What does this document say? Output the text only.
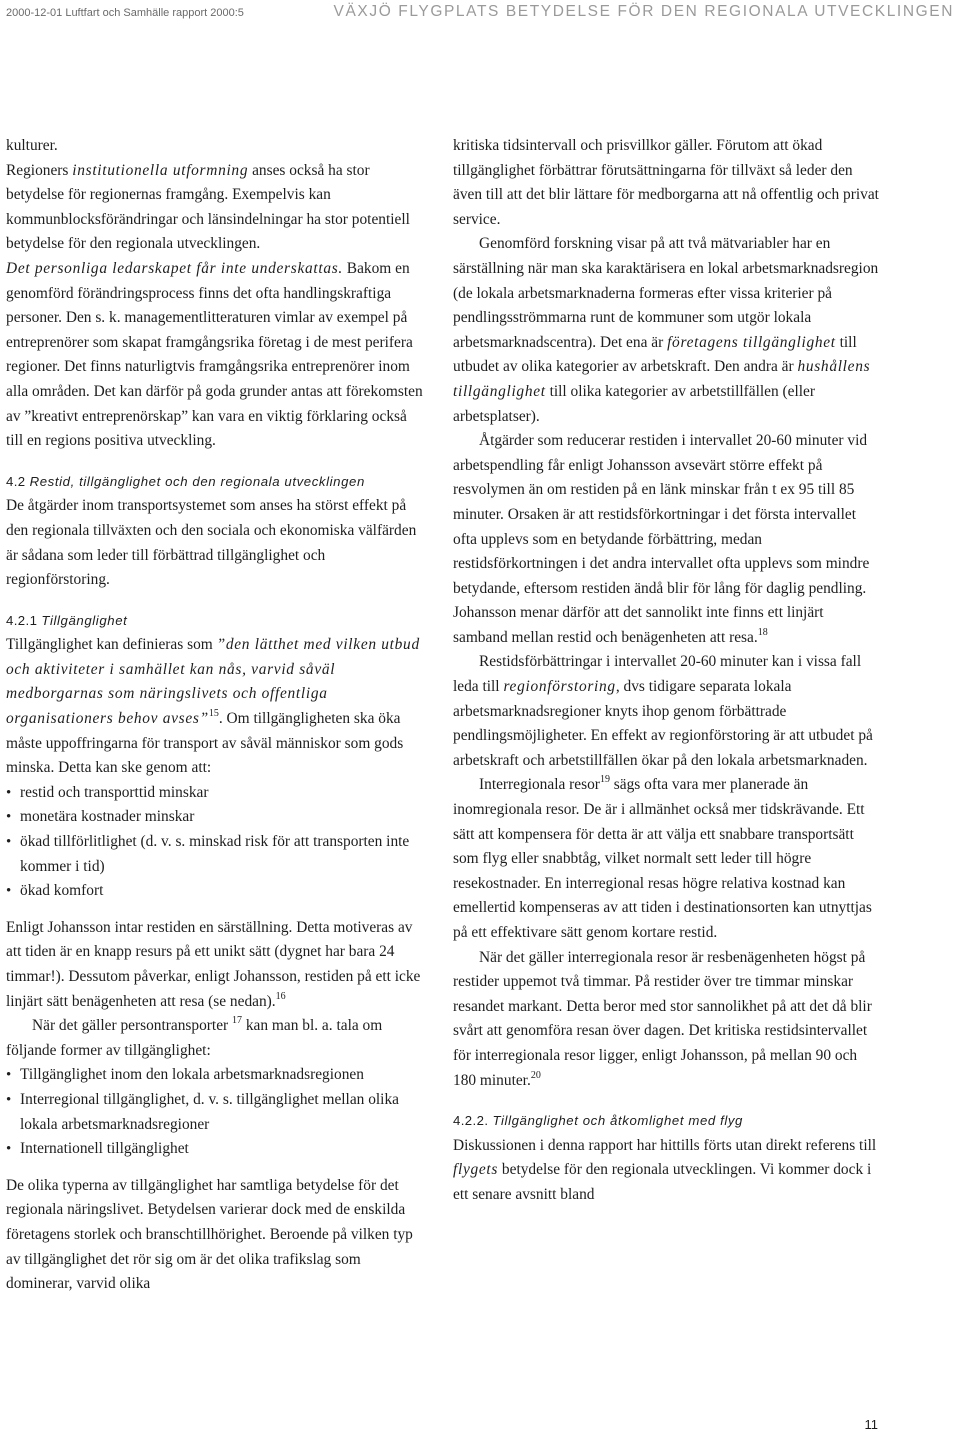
2000-12-01 Luftfart och Samhälle rapport 2000:5	VÄXJÖ FLYGPLATS BETYDELSE FÖR DEN REGIONALA UTVECKLINGEN

kulturer.

Regioners institutionella utformning anses också ha stor betydelse för regionernas framgång. Exempelvis kan kommunblocksförändringar och länsindelningar ha stor potentiell betydelse för den regionala utvecklingen.

Det personliga ledarskapet får inte underskattas. Bakom en genomförd förändringsprocess finns det ofta handlingskraftiga personer. Den s. k. managementlitteraturen vimlar av exempel på entreprenörer som skapat framgångsrika företag i de mest perifera regioner. Det finns naturligtvis framgångsrika entreprenörer inom alla områden. Det kan därför på goda grunder antas att förekomsten av ”kreativt entreprenörskap” kan vara en viktig förklaring också till en regions positiva utveckling.

4.2 Restid, tillgänglighet och den regionala utvecklingen

De åtgärder inom transportsystemet som anses ha störst effekt på den regionala tillväxten och den sociala och ekonomiska välfärden är sådana som leder till förbättrad tillgänglighet och regionförstoring.

4.2.1 Tillgänglighet

Tillgänglighet kan definieras som ”den lätthet med vilken utbud och aktiviteter i samhället kan nås, varvid såväl medborgarnas som näringslivets och offentliga organisationers behov avses”$^{15}$. Om tillgängligheten ska öka måste uppoffringarna för transport av såväl människor som gods minska. Detta kan ske genom att:

• restid och transporttid minskar
• monetära kostnader minskar
• ökad tillförlitlighet (d. v. s. minskad risk för att transporten inte kommer i tid)
• ökad komfort

Enligt Johansson intar restiden en särställning. Detta motiveras av att tiden är en knapp resurs på ett unikt sätt (dygnet har bara 24 timmar!). Dessutom påverkar, enligt Johansson, restiden på ett icke linjärt sätt benägenheten att resa (se nedan).$^{16}$

När det gäller persontransporter $^{17}$ kan man bl. a. tala om följande former av tillgänglighet:

• Tillgänglighet inom den lokala arbetsmarknadsregionen
• Interregional tillgänglighet, d. v. s. tillgänglighet mellan olika lokala arbetsmarknadsregioner
• Internationell tillgänglighet

De olika typerna av tillgänglighet har samtliga betydelse för det regionala näringslivet. Betydelsen varierar dock med de enskilda företagens storlek och branschtillhörighet. Beroende på vilken typ av tillgänglighet det rör sig om är det olika trafikslag som dominerar, varvid olika

kritiska tidsintervall och prisvillkor gäller. Förutom att ökad tillgänglighet förbättrar förutsättningarna för tillväxt så leder den även till att det blir lättare för medborgarna att nå offentlig och privat service.

Genomförd forskning visar på att två mätvariabler har en särställning när man ska karaktärisera en lokal arbetsmarknadsregion (de lokala arbetsmarknaderna formeras efter vissa kriterier på pendlingsströmmarna runt de kommuner som utgör lokala arbetsmarknadscentra). Det ena är företagens tillgänglighet till utbudet av olika kategorier av arbetskraft. Den andra är hushållens tillgänglighet till olika kategorier av arbetstillfällen (eller arbetsplatser).

Åtgärder som reducerar restiden i intervallet 20-60 minuter vid arbetspendling får enligt Johansson avsevärt större effekt på resvolymen än om restiden på en länk minskar från t ex 95 till 85 minuter. Orsaken är att restidsförkortningar i det första intervallet ofta upplevs som en betydande förbättring, medan restidsförkortningen i det andra intervallet ofta upplevs som mindre betydande, eftersom restiden ändå blir för lång för daglig pendling. Johansson menar därför att det sannolikt inte finns ett linjärt samband mellan restid och benägenheten att resa.$^{18}$

Restidsförbättringar i intervallet 20-60 minuter kan i vissa fall leda till regionförstoring, dvs tidigare separata lokala arbetsmarknadsregioner knyts ihop genom förbättrade pendlingsmöjligheter. En effekt av regionförstoring är att utbudet på arbetskraft och arbetstillfällen ökar på den lokala arbetsmarknaden.

Interregionala resor$^{19}$ sägs ofta vara mer planerade än inomregionala resor. De är i allmänhet också mer tidskrävande. Ett sätt att kompensera för detta är att välja ett snabbare transportsätt som flyg eller snabbtåg, vilket normalt sett leder till högre resekostnader. En interregional resas högre relativa kostnad kan emellertid kompenseras av att tiden i destinationsorten kan utnyttjas på ett effektivare sätt genom kortare restid.

När det gäller interregionala resor är resbenägenheten högst på restider uppemot två timmar. På restider över tre timmar minskar resandet markant. Detta beror med stor sannolikhet på att det då blir svårt att genomföra resan över dagen. Det kritiska restidsintervallet för interregionala resor ligger, enligt Johansson, på mellan 90 och 180 minuter.$^{20}$

4.2.2. Tillgänglighet och åtkomlighet med flyg

Diskussionen i denna rapport har hittills förts utan direkt referens till flygets betydelse för den regionala utvecklingen. Vi kommer dock i ett senare avsnitt bland

11
